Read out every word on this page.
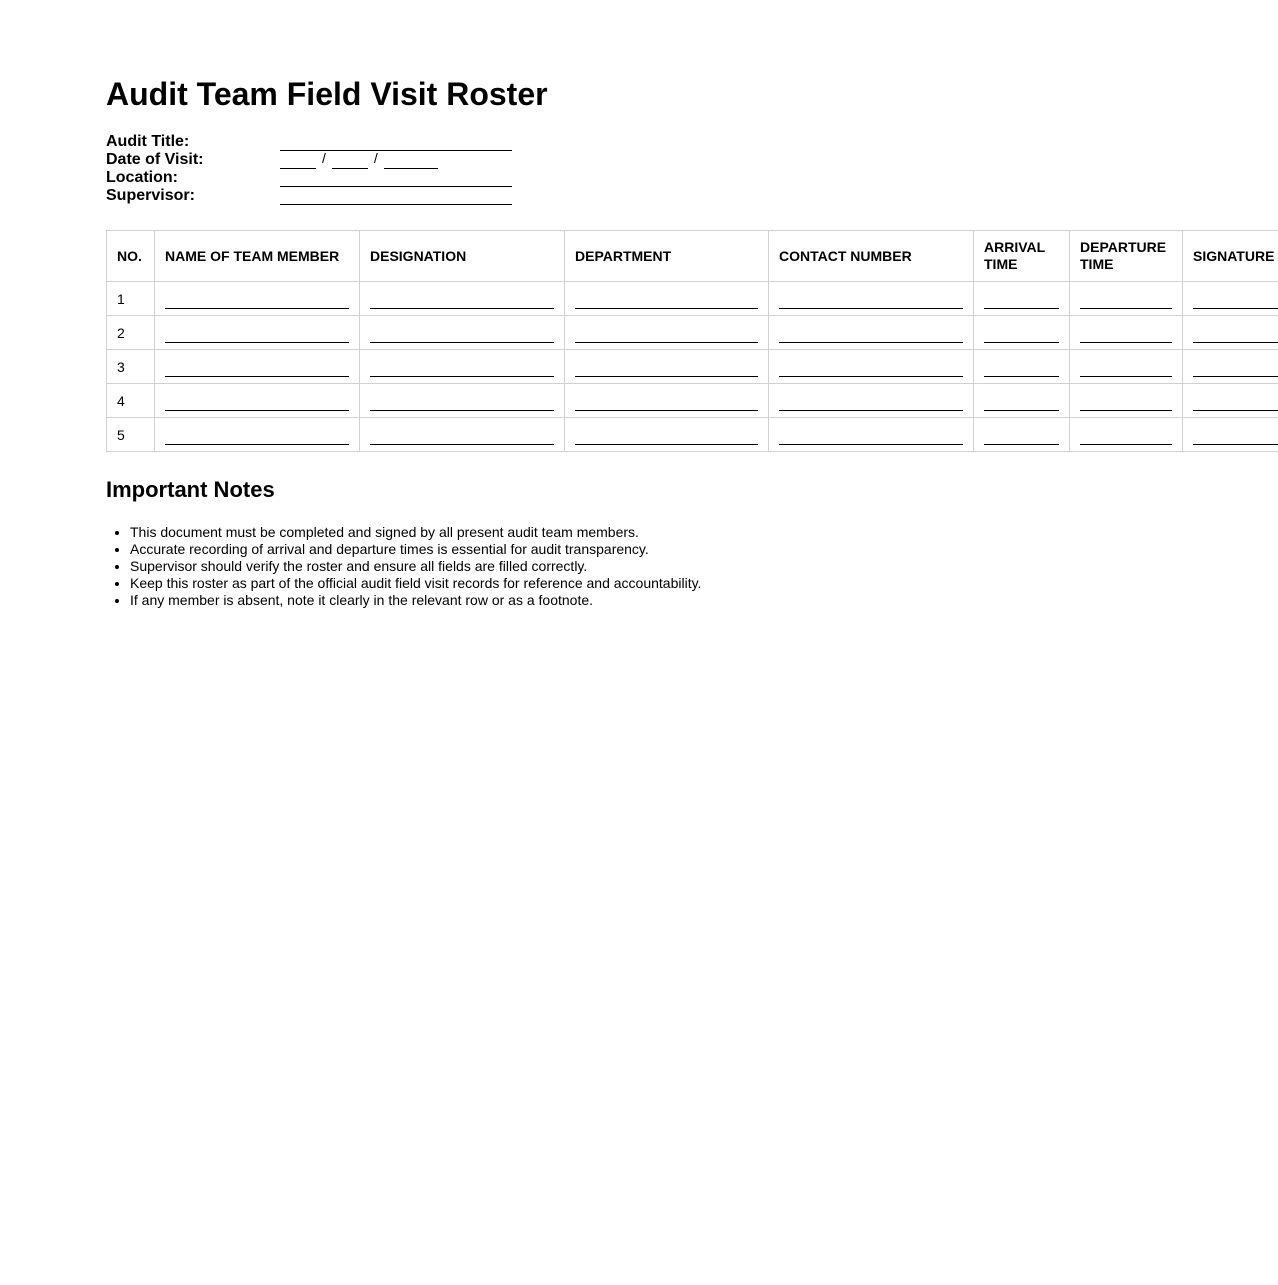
Audit Team Field Visit Roster
Audit Title:
Date of Visit:	/	/
Location:
Supervisor:
NO.	NAME OF TEAM MEMBER	DESIGNATION	DEPARTMENT	CONTACT NUMBER	ARRIVAL TIME	DEPARTURE TIME	SIGNATURE
1	

2	

3	

4	

5	

Important Notes
• This document must be completed and signed by all present audit team members.
• Accurate recording of arrival and departure times is essential for audit transparency.
• Supervisor should verify the roster and ensure all fields are filled correctly.
• Keep this roster as part of the official audit field visit records for reference and accountability.
• If any member is absent, note it clearly in the relevant row or as a footnote.
